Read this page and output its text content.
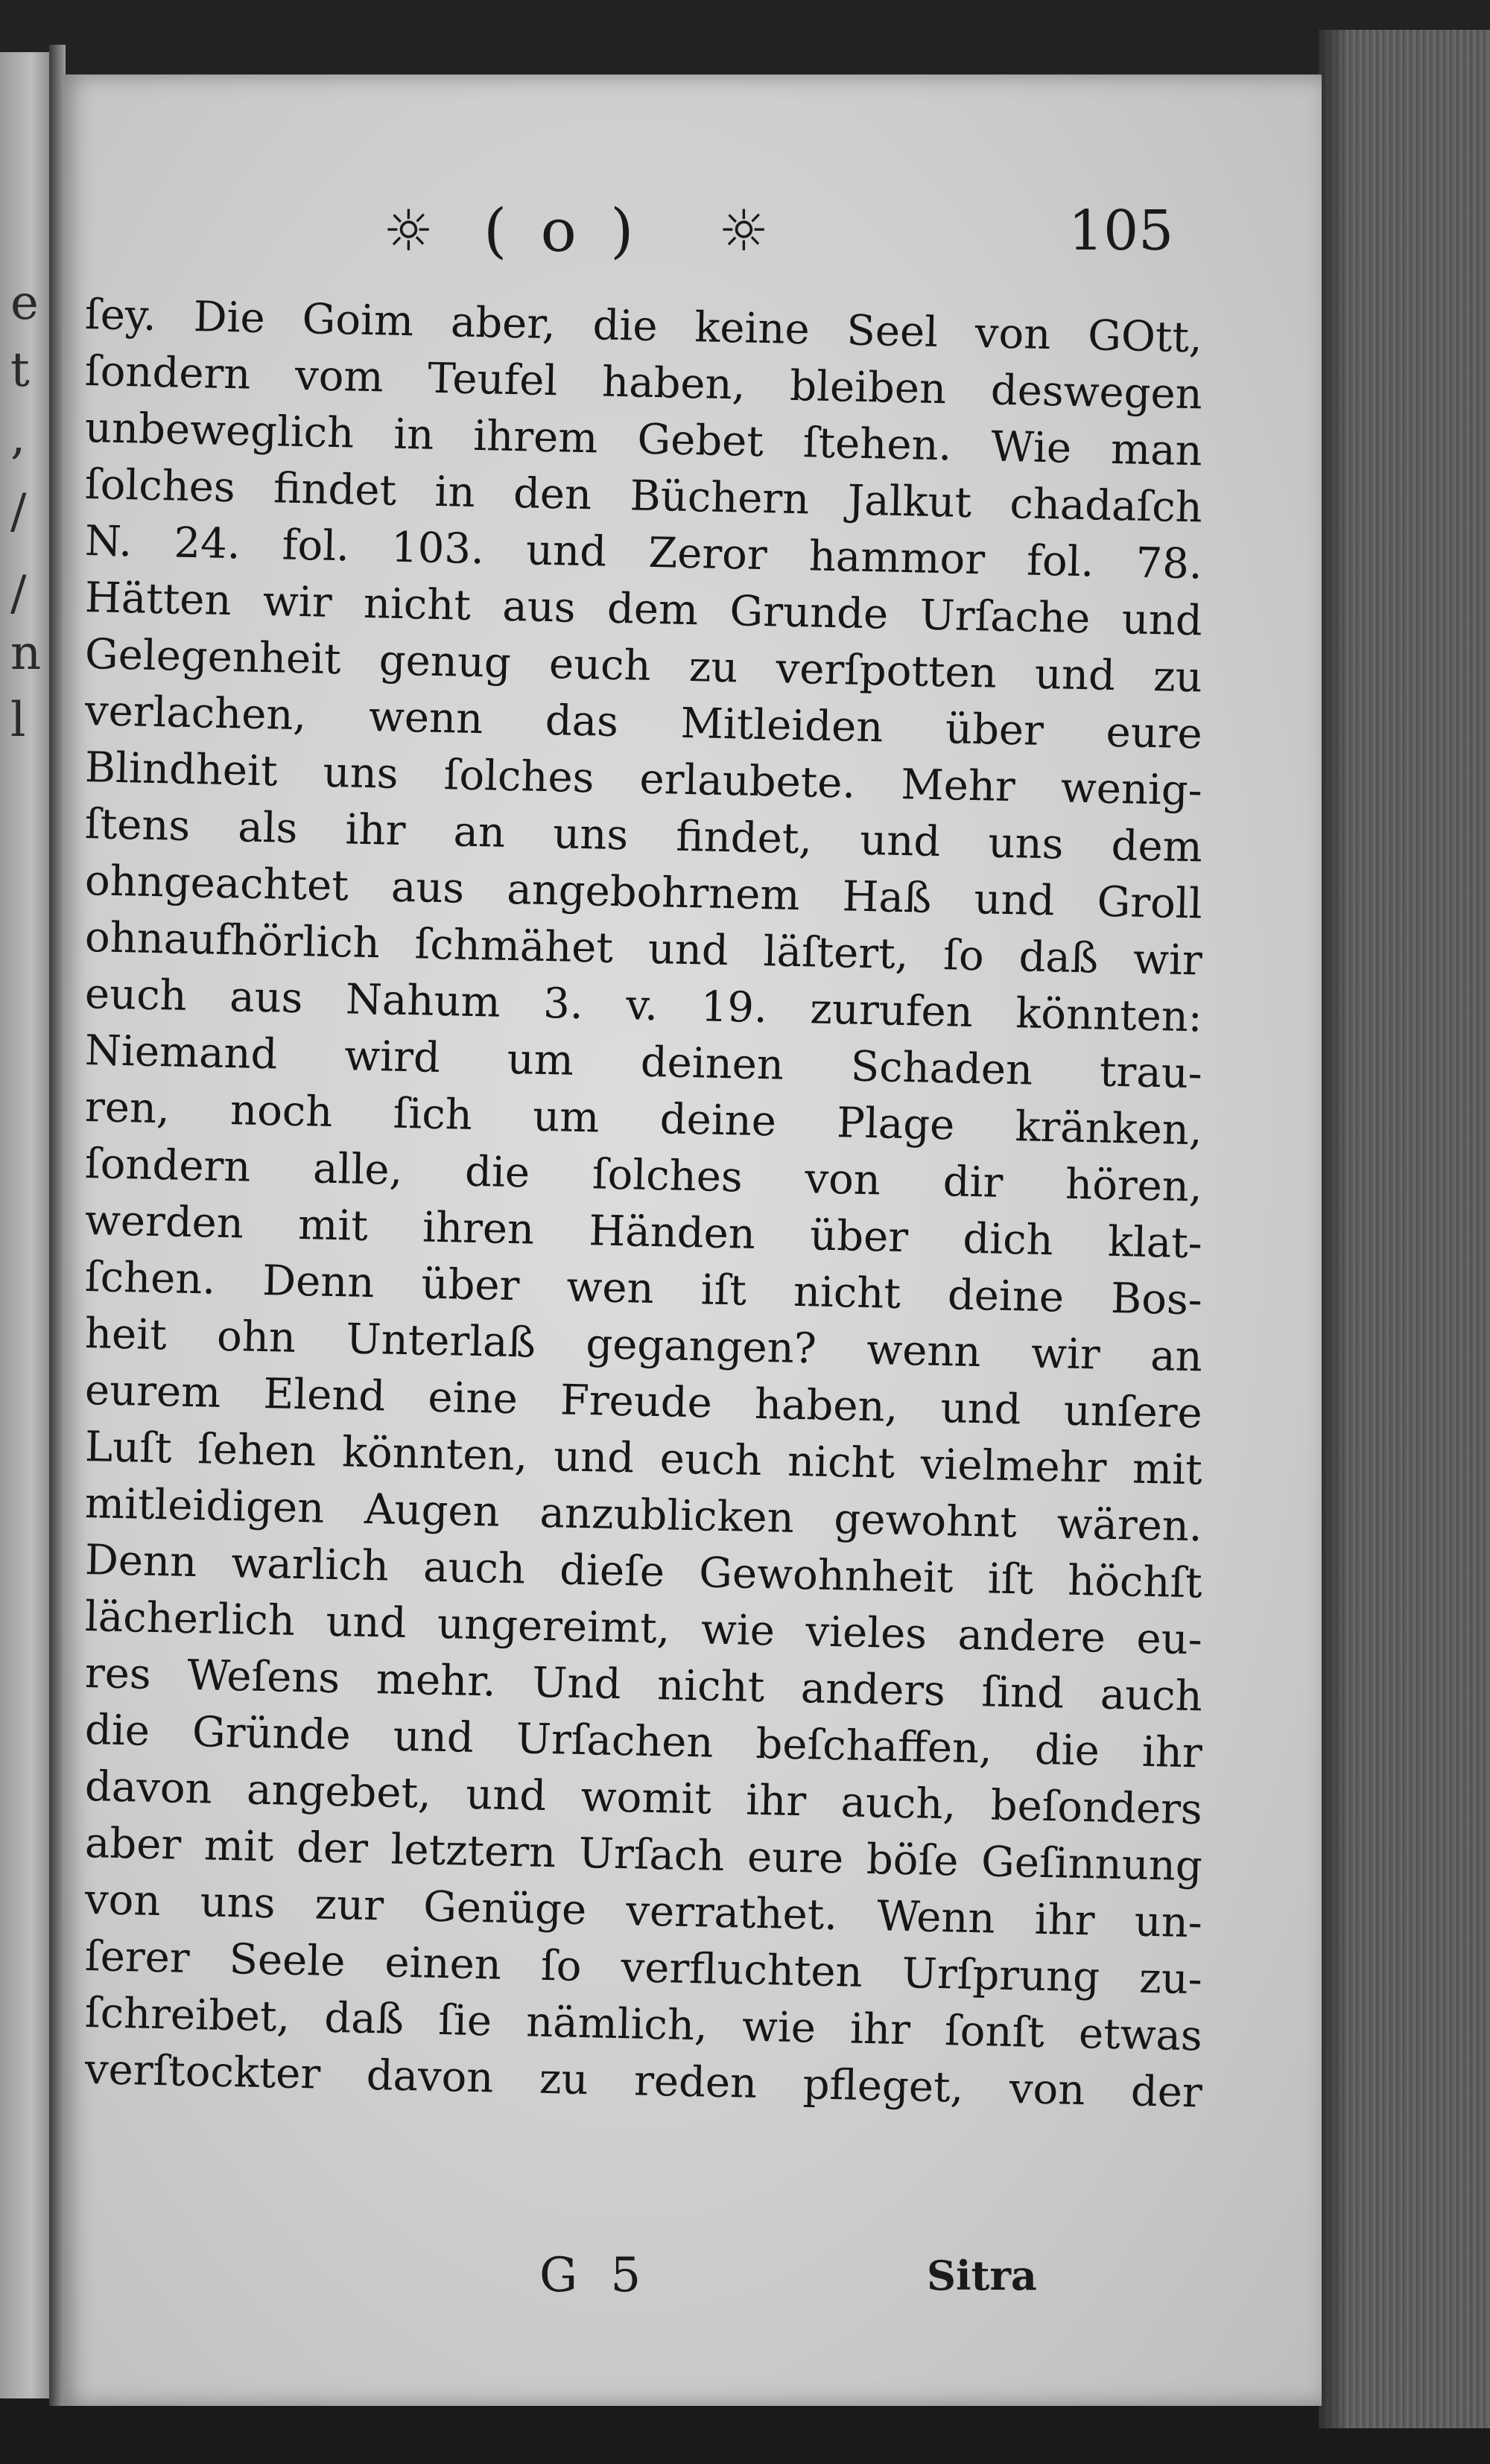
e
t
,
/
/
n
l
☼ ( o ) ☼	105
ſey. Die Goim aber, die keine Seel von GOtt,
ſondern vom Teufel haben, bleiben deswegen
unbeweglich in ihrem Gebet ſtehen. Wie man
ſolches findet in den Büchern Jalkut chadaſch
N. 24. fol. 103. und Zeror hammor fol. 78.
Hätten wir nicht aus dem Grunde Urſache und
Gelegenheit genug euch zu verſpotten und zu
verlachen, wenn das Mitleiden über eure
Blindheit uns ſolches erlaubete. Mehr wenig-
ſtens als ihr an uns findet, und uns dem
ohngeachtet aus angebohrnem Haß und Groll
ohnaufhörlich ſchmähet und läſtert, ſo daß wir
euch aus Nahum 3. v. 19. zurufen könnten:
Niemand wird um deinen Schaden trau-
ren, noch ſich um deine Plage kränken,
ſondern alle, die ſolches von dir hören,
werden mit ihren Händen über dich klat-
ſchen. Denn über wen iſt nicht deine Bos-
heit ohn Unterlaß gegangen? wenn wir an
eurem Elend eine Freude haben, und unſere
Luſt ſehen könnten, und euch nicht vielmehr mit
mitleidigen Augen anzublicken gewohnt wären.
Denn warlich auch dieſe Gewohnheit iſt höchſt
lächerlich und ungereimt, wie vieles andere eu-
res Weſens mehr. Und nicht anders ſind auch
die Gründe und Urſachen beſchaffen, die ihr
davon angebet, und womit ihr auch, beſonders
aber mit der letztern Urſach eure böſe Geſinnung
von uns zur Genüge verrathet. Wenn ihr un-
ſerer Seele einen ſo verfluchten Urſprung zu-
ſchreibet, daß ſie nämlich, wie ihr ſonſt etwas
verſtockter davon zu reden pfleget, von der
G 5	Sitra
